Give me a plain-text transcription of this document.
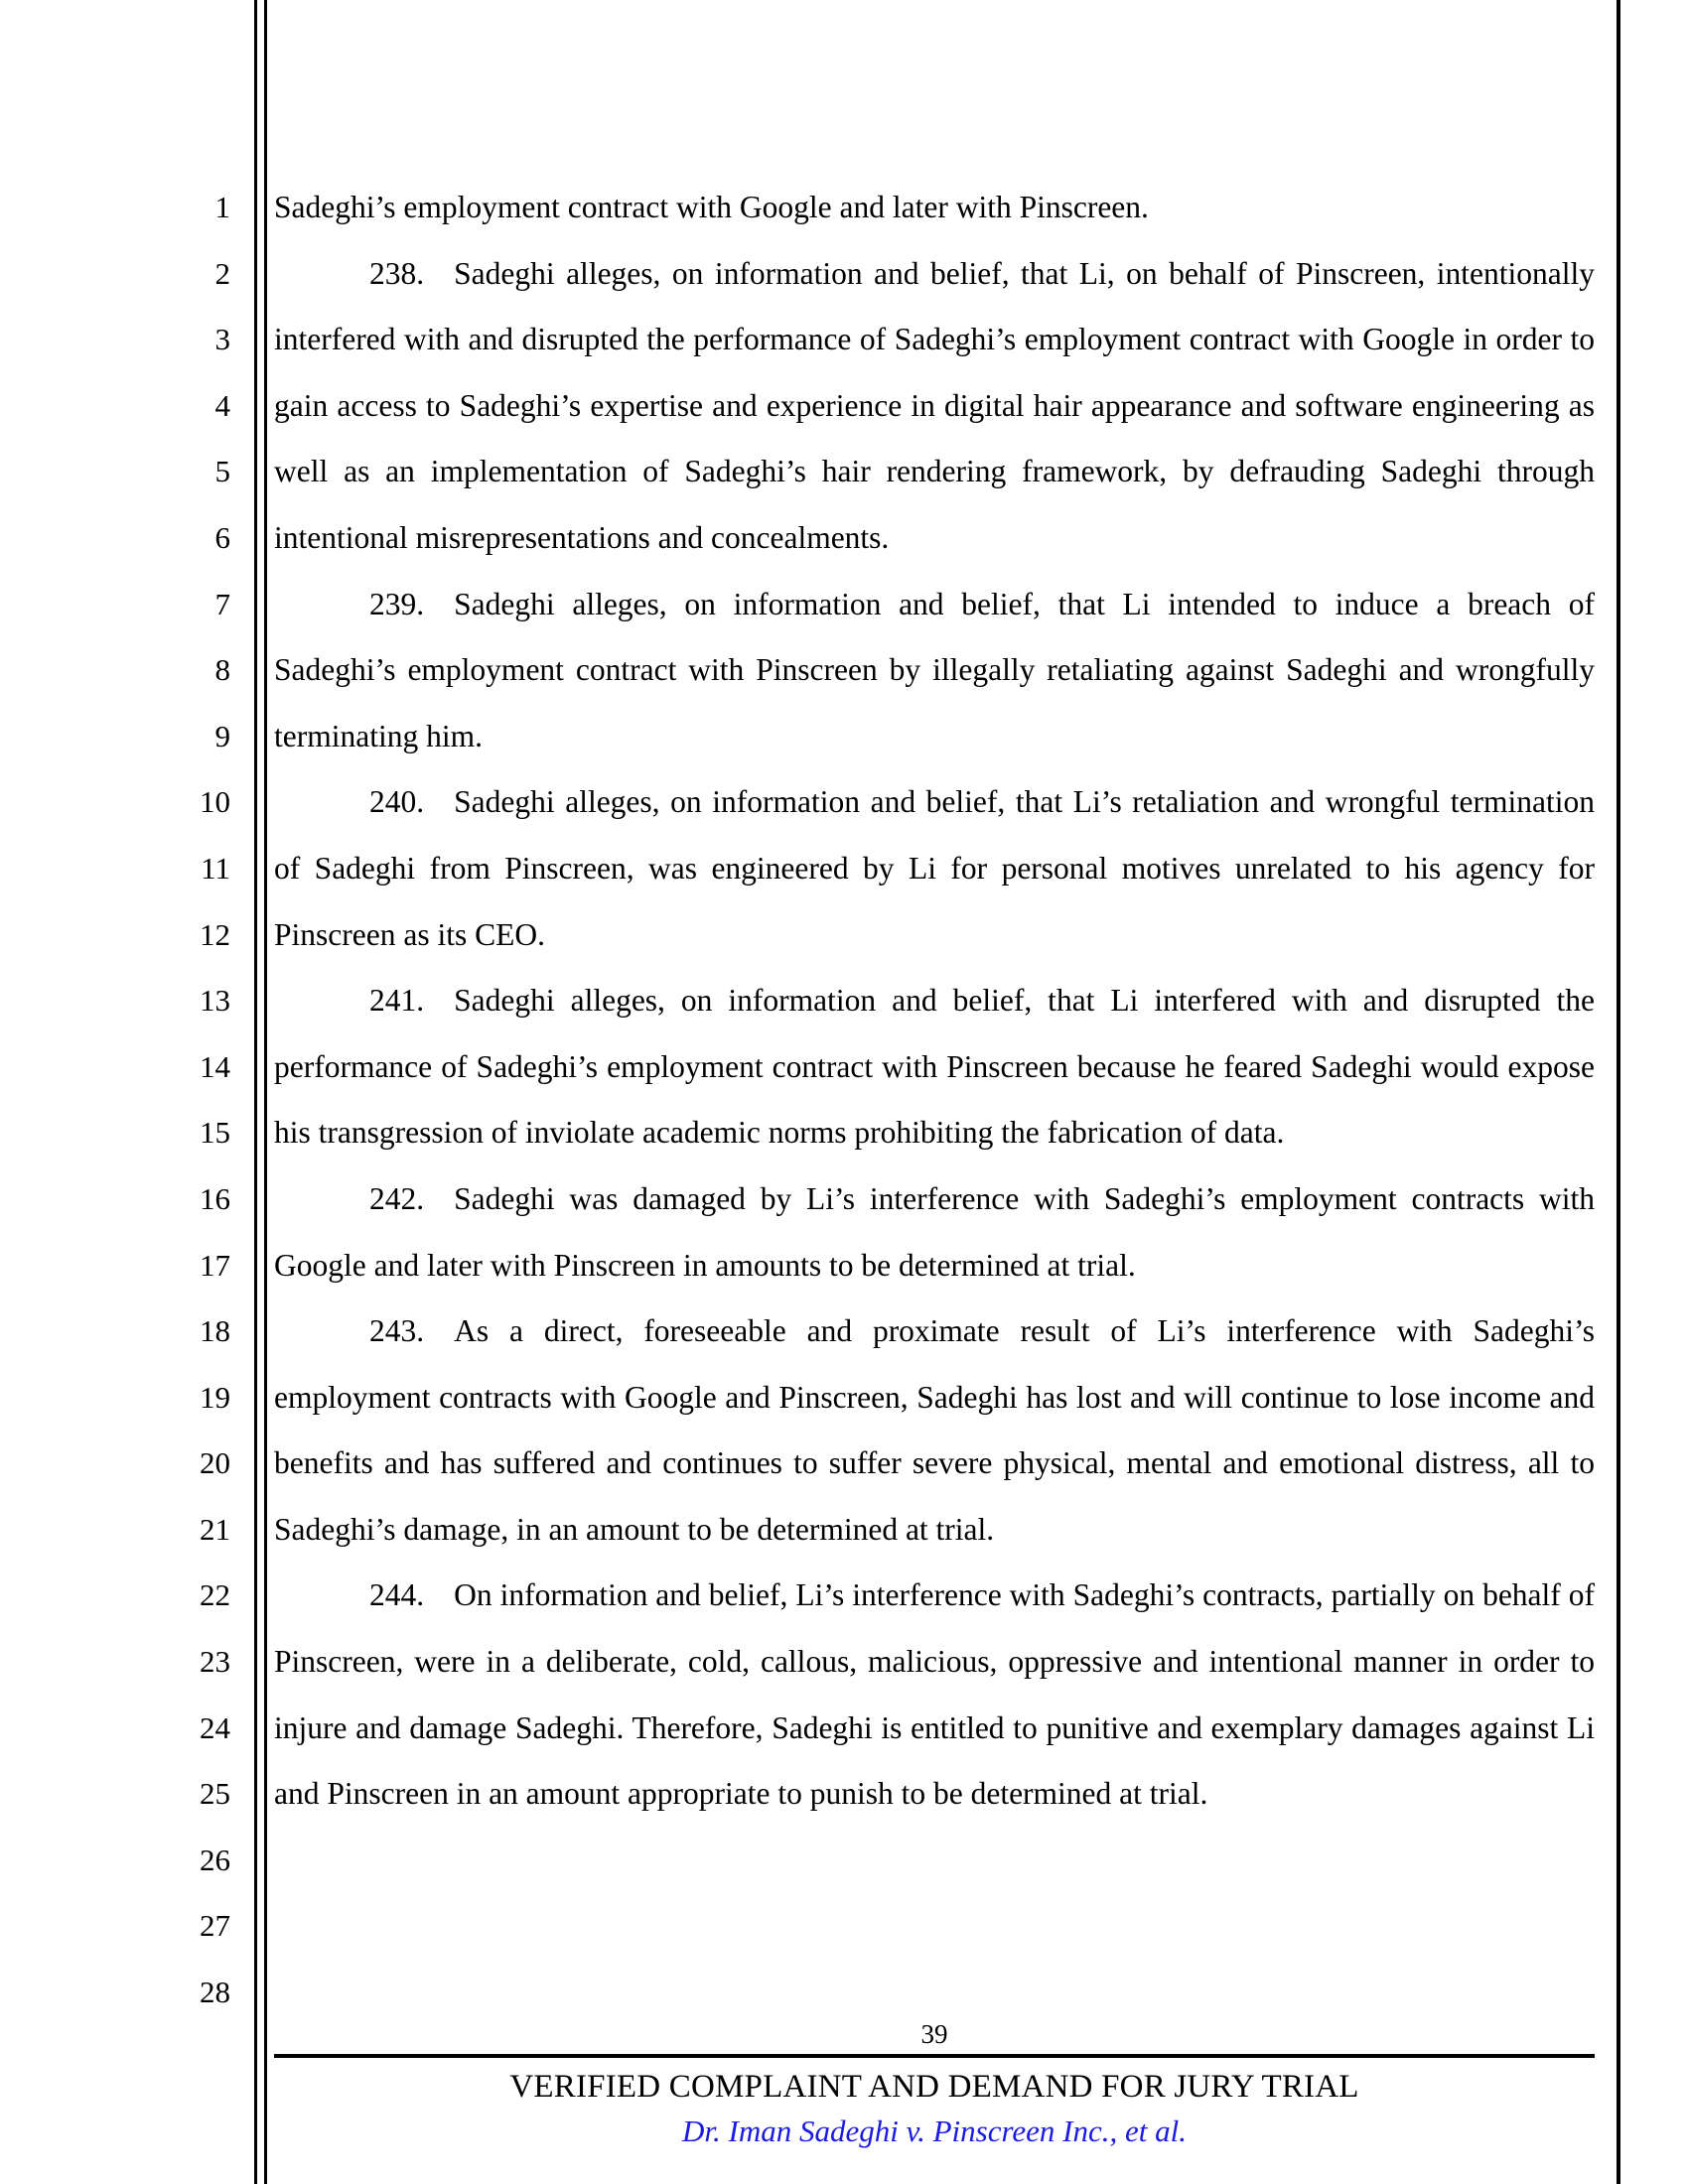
1
2
3
4
5
6
7
8
9
10
11
12
13
14
15
16
17
18
19
20
21
22
23
24
25
26
27
28

Sadeghi’s employment contract with Google and later with Pinscreen.

238. Sadeghi alleges, on information and belief, that Li, on behalf of Pinscreen, intentionally interfered with and disrupted the performance of Sadeghi’s employment contract with Google in order to gain access to Sadeghi’s expertise and experience in digital hair appearance and software engineering as well as an implementation of Sadeghi’s hair rendering framework, by defrauding Sadeghi through intentional misrepresentations and concealments.

239. Sadeghi alleges, on information and belief, that Li intended to induce a breach of Sadeghi’s employment contract with Pinscreen by illegally retaliating against Sadeghi and wrongfully terminating him.

240. Sadeghi alleges, on information and belief, that Li’s retaliation and wrongful termination of Sadeghi from Pinscreen, was engineered by Li for personal motives unrelated to his agency for Pinscreen as its CEO.

241. Sadeghi alleges, on information and belief, that Li interfered with and disrupted the performance of Sadeghi’s employment contract with Pinscreen because he feared Sadeghi would expose his transgression of inviolate academic norms prohibiting the fabrication of data.

242. Sadeghi was damaged by Li’s interference with Sadeghi’s employment contracts with Google and later with Pinscreen in amounts to be determined at trial.

243. As a direct, foreseeable and proximate result of Li’s interference with Sadeghi’s employment contracts with Google and Pinscreen, Sadeghi has lost and will continue to lose income and benefits and has suffered and continues to suffer severe physical, mental and emotional distress, all to Sadeghi’s damage, in an amount to be determined at trial.

244. On information and belief, Li’s interference with Sadeghi’s contracts, partially on behalf of Pinscreen, were in a deliberate, cold, callous, malicious, oppressive and intentional manner in order to injure and damage Sadeghi. Therefore, Sadeghi is entitled to punitive and exemplary damages against Li and Pinscreen in an amount appropriate to punish to be determined at trial.

39
VERIFIED COMPLAINT AND DEMAND FOR JURY TRIAL
Dr. Iman Sadeghi v. Pinscreen Inc., et al.
